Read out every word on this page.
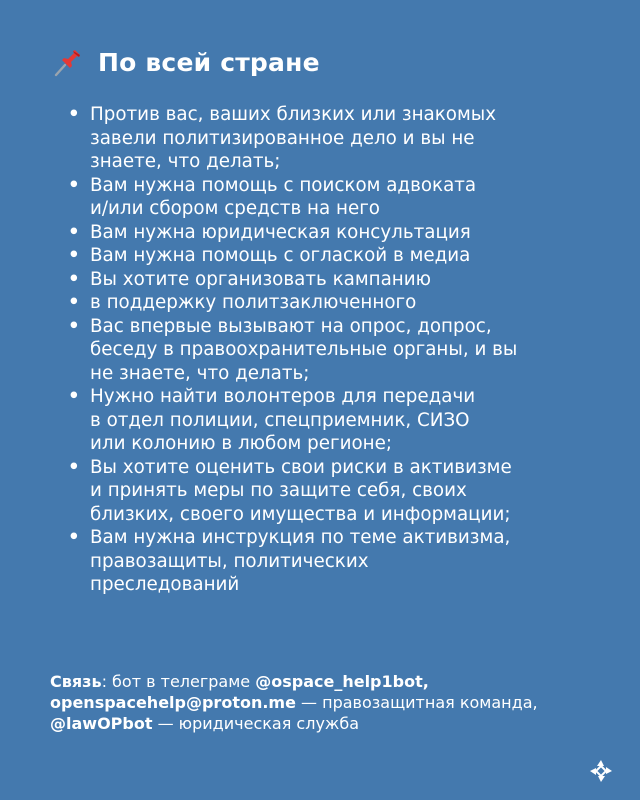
По всей стране
• Против вас, ваших близких или знакомых
завели политизированное дело и вы не
знаете, что делать;
• Вам нужна помощь с поиском адвоката
и/или сбором средств на него
• Вам нужна юридическая консультация
• Вам нужна помощь с оглаской в медиа
• Вы хотите организовать кампанию
• в поддержку политзаключенного
• Вас впервые вызывают на опрос, допрос,
беседу в правоохранительные органы, и вы
не знаете, что делать;
• Нужно найти волонтеров для передачи
в отдел полиции, спецприемник, СИЗО
или колонию в любом регионе;
• Вы хотите оценить свои риски в активизме
и принять меры по защите себя, своих
близких, своего имущества и информации;
• Вам нужна инструкция по теме активизма,
правозащиты, политических
преследований
Связь: бот в телеграме @ospace_help1bot,
openspacehelp@proton.me — правозащитная команда,
@lawOPbot — юридическая служба
